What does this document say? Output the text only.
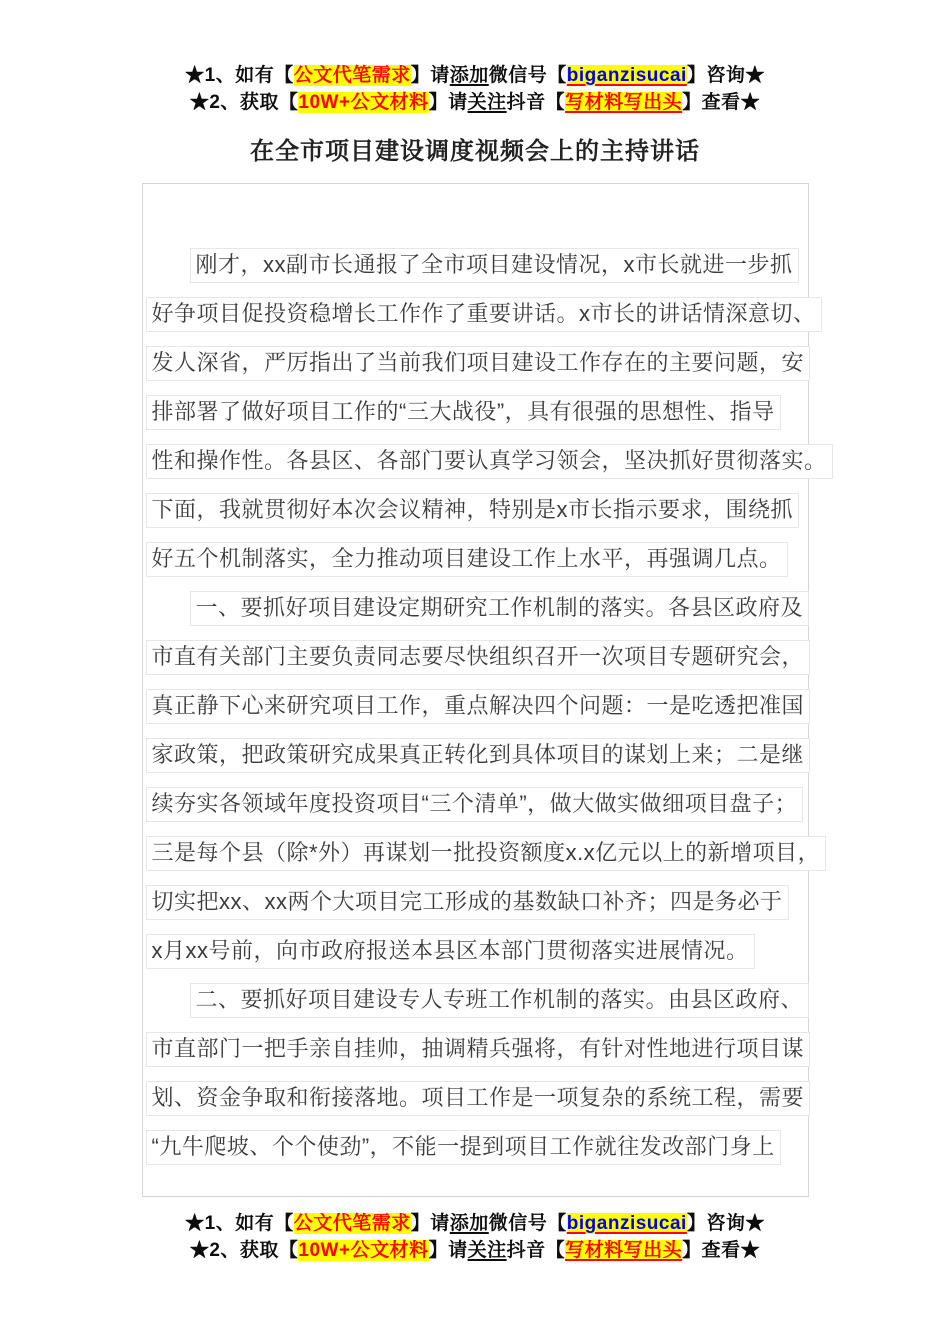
★1、如有【公文代笔需求】请添加微信号【biganzisucai】咨询★
★2、获取【10W+公文材料】请关注抖音【写材料写出头】查看★
在全市项目建设调度视频会上的主持讲话
刚才，xx副市长通报了全市项目建设情况，x市长就进一步抓
好争项目促投资稳增长工作作了重要讲话。x市长的讲话情深意切、
发人深省，严厉指出了当前我们项目建设工作存在的主要问题，安
排部署了做好项目工作的“三大战役”，具有很强的思想性、指导
性和操作性。各县区、各部门要认真学习领会，坚决抓好贯彻落实。
下面，我就贯彻好本次会议精神，特别是x市长指示要求，围绕抓
好五个机制落实，全力推动项目建设工作上水平，再强调几点。
一、要抓好项目建设定期研究工作机制的落实。各县区政府及
市直有关部门主要负责同志要尽快组织召开一次项目专题研究会，
真正静下心来研究项目工作，重点解决四个问题：一是吃透把准国
家政策，把政策研究成果真正转化到具体项目的谋划上来；二是继
续夯实各领域年度投资项目“三个清单”，做大做实做细项目盘子；
三是每个县（除*外）再谋划一批投资额度x.x亿元以上的新增项目，
切实把xx、xx两个大项目完工形成的基数缺口补齐；四是务必于
x月xx号前，向市政府报送本县区本部门贯彻落实进展情况。
二、要抓好项目建设专人专班工作机制的落实。由县区政府、
市直部门一把手亲自挂帅，抽调精兵强将，有针对性地进行项目谋
划、资金争取和衔接落地。项目工作是一项复杂的系统工程，需要
“九牛爬坡、个个使劲”，不能一提到项目工作就往发改部门身上
★1、如有【公文代笔需求】请添加微信号【biganzisucai】咨询★
★2、获取【10W+公文材料】请关注抖音【写材料写出头】查看★
